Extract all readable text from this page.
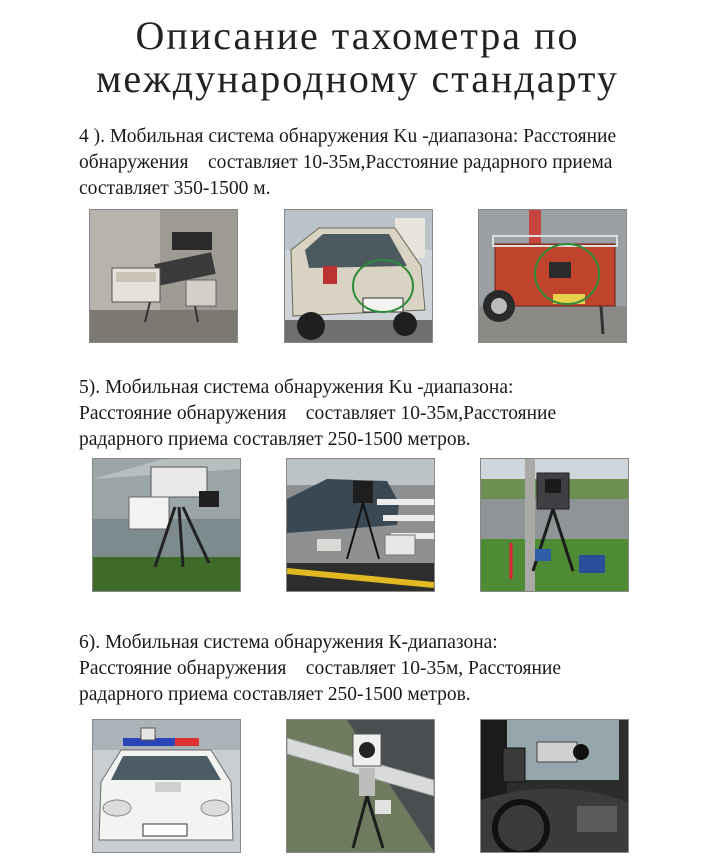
Описание тахометра по
международному стандарту
4 ). Мобильная система обнаружения Ku -диапазона: Расстояние
обнаружения    составляет 10-35м,Расстояние радарного приема
составляет 350-1500 м.
5). Мобильная система обнаружения Ku -диапазона:
Расстояние обнаружения    составляет 10-35м,Расстояние
радарного приема составляет 250-1500 метров.
6). Мобильная система обнаружения К-диапазона:
Расстояние обнаружения    составляет 10-35м, Расстояние
радарного приема составляет 250-1500 метров.
